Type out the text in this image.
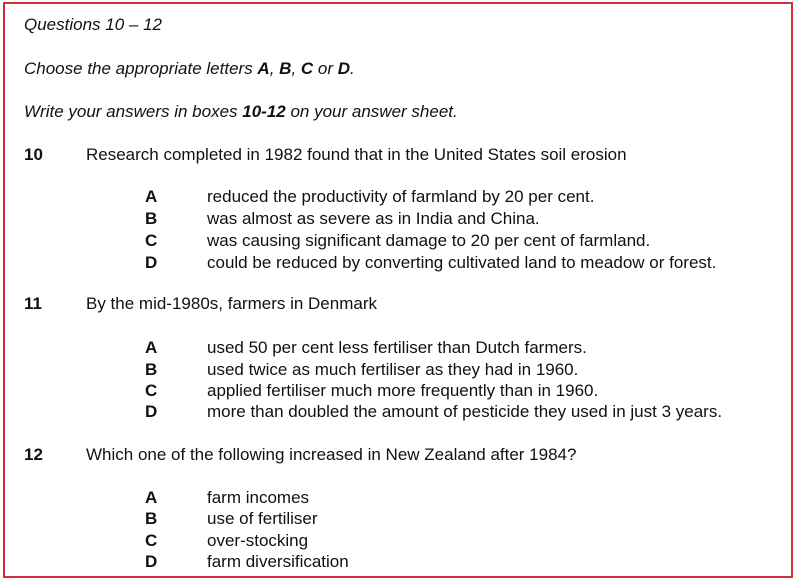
Questions 10 – 12
Choose the appropriate letters A, B, C or D.
Write your answers in boxes 10-12 on your answer sheet.
10	Research completed in 1982 found that in the United States soil erosion
A	reduced the productivity of farmland by 20 per cent.
B	was almost as severe as in India and China.
C	was causing significant damage to 20 per cent of farmland.
D	could be reduced by converting cultivated land to meadow or forest.
11	By the mid-1980s, farmers in Denmark
A	used 50 per cent less fertiliser than Dutch farmers.
B	used twice as much fertiliser as they had in 1960.
C	applied fertiliser much more frequently than in 1960.
D	more than doubled the amount of pesticide they used in just 3 years.
12	Which one of the following increased in New Zealand after 1984?
A	farm incomes
B	use of fertiliser
C	over-stocking
D	farm diversification
